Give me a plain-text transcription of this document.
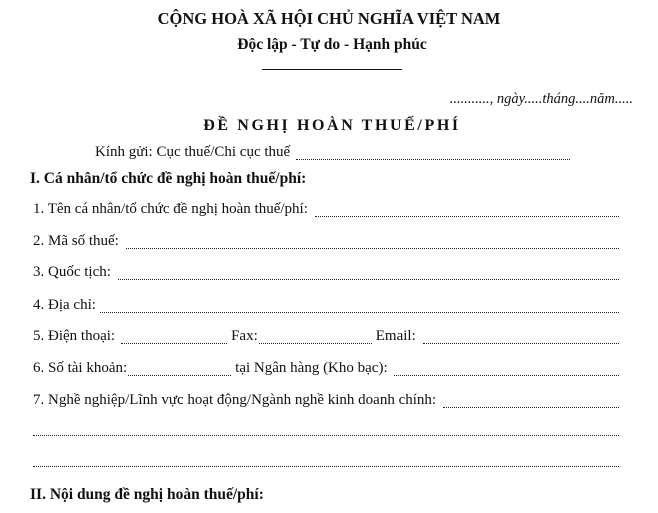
CỘNG HOÀ XÃ HỘI CHỦ NGHĨA VIỆT NAM
Độc lập - Tự do - Hạnh phúc
..........., ngày.....tháng....năm.....
ĐỀ NGHỊ HOÀN THUẾ/PHÍ
Kính gửi: Cục thuế/Chi cục thuế
I. Cá nhân/tổ chức đề nghị hoàn thuế/phí:
1. Tên cá nhân/tổ chức đề nghị hoàn thuế/phí:
2. Mã số thuế:
3. Quốc tịch:
4. Địa chỉ:
5. Điện thoại:	Fax:	Email:
6. Số tài khoản:	tại Ngân hàng (Kho bạc):
7. Nghề nghiệp/Lĩnh vực hoạt động/Ngành nghề kinh doanh chính:
II. Nội dung đề nghị hoàn thuế/phí:
